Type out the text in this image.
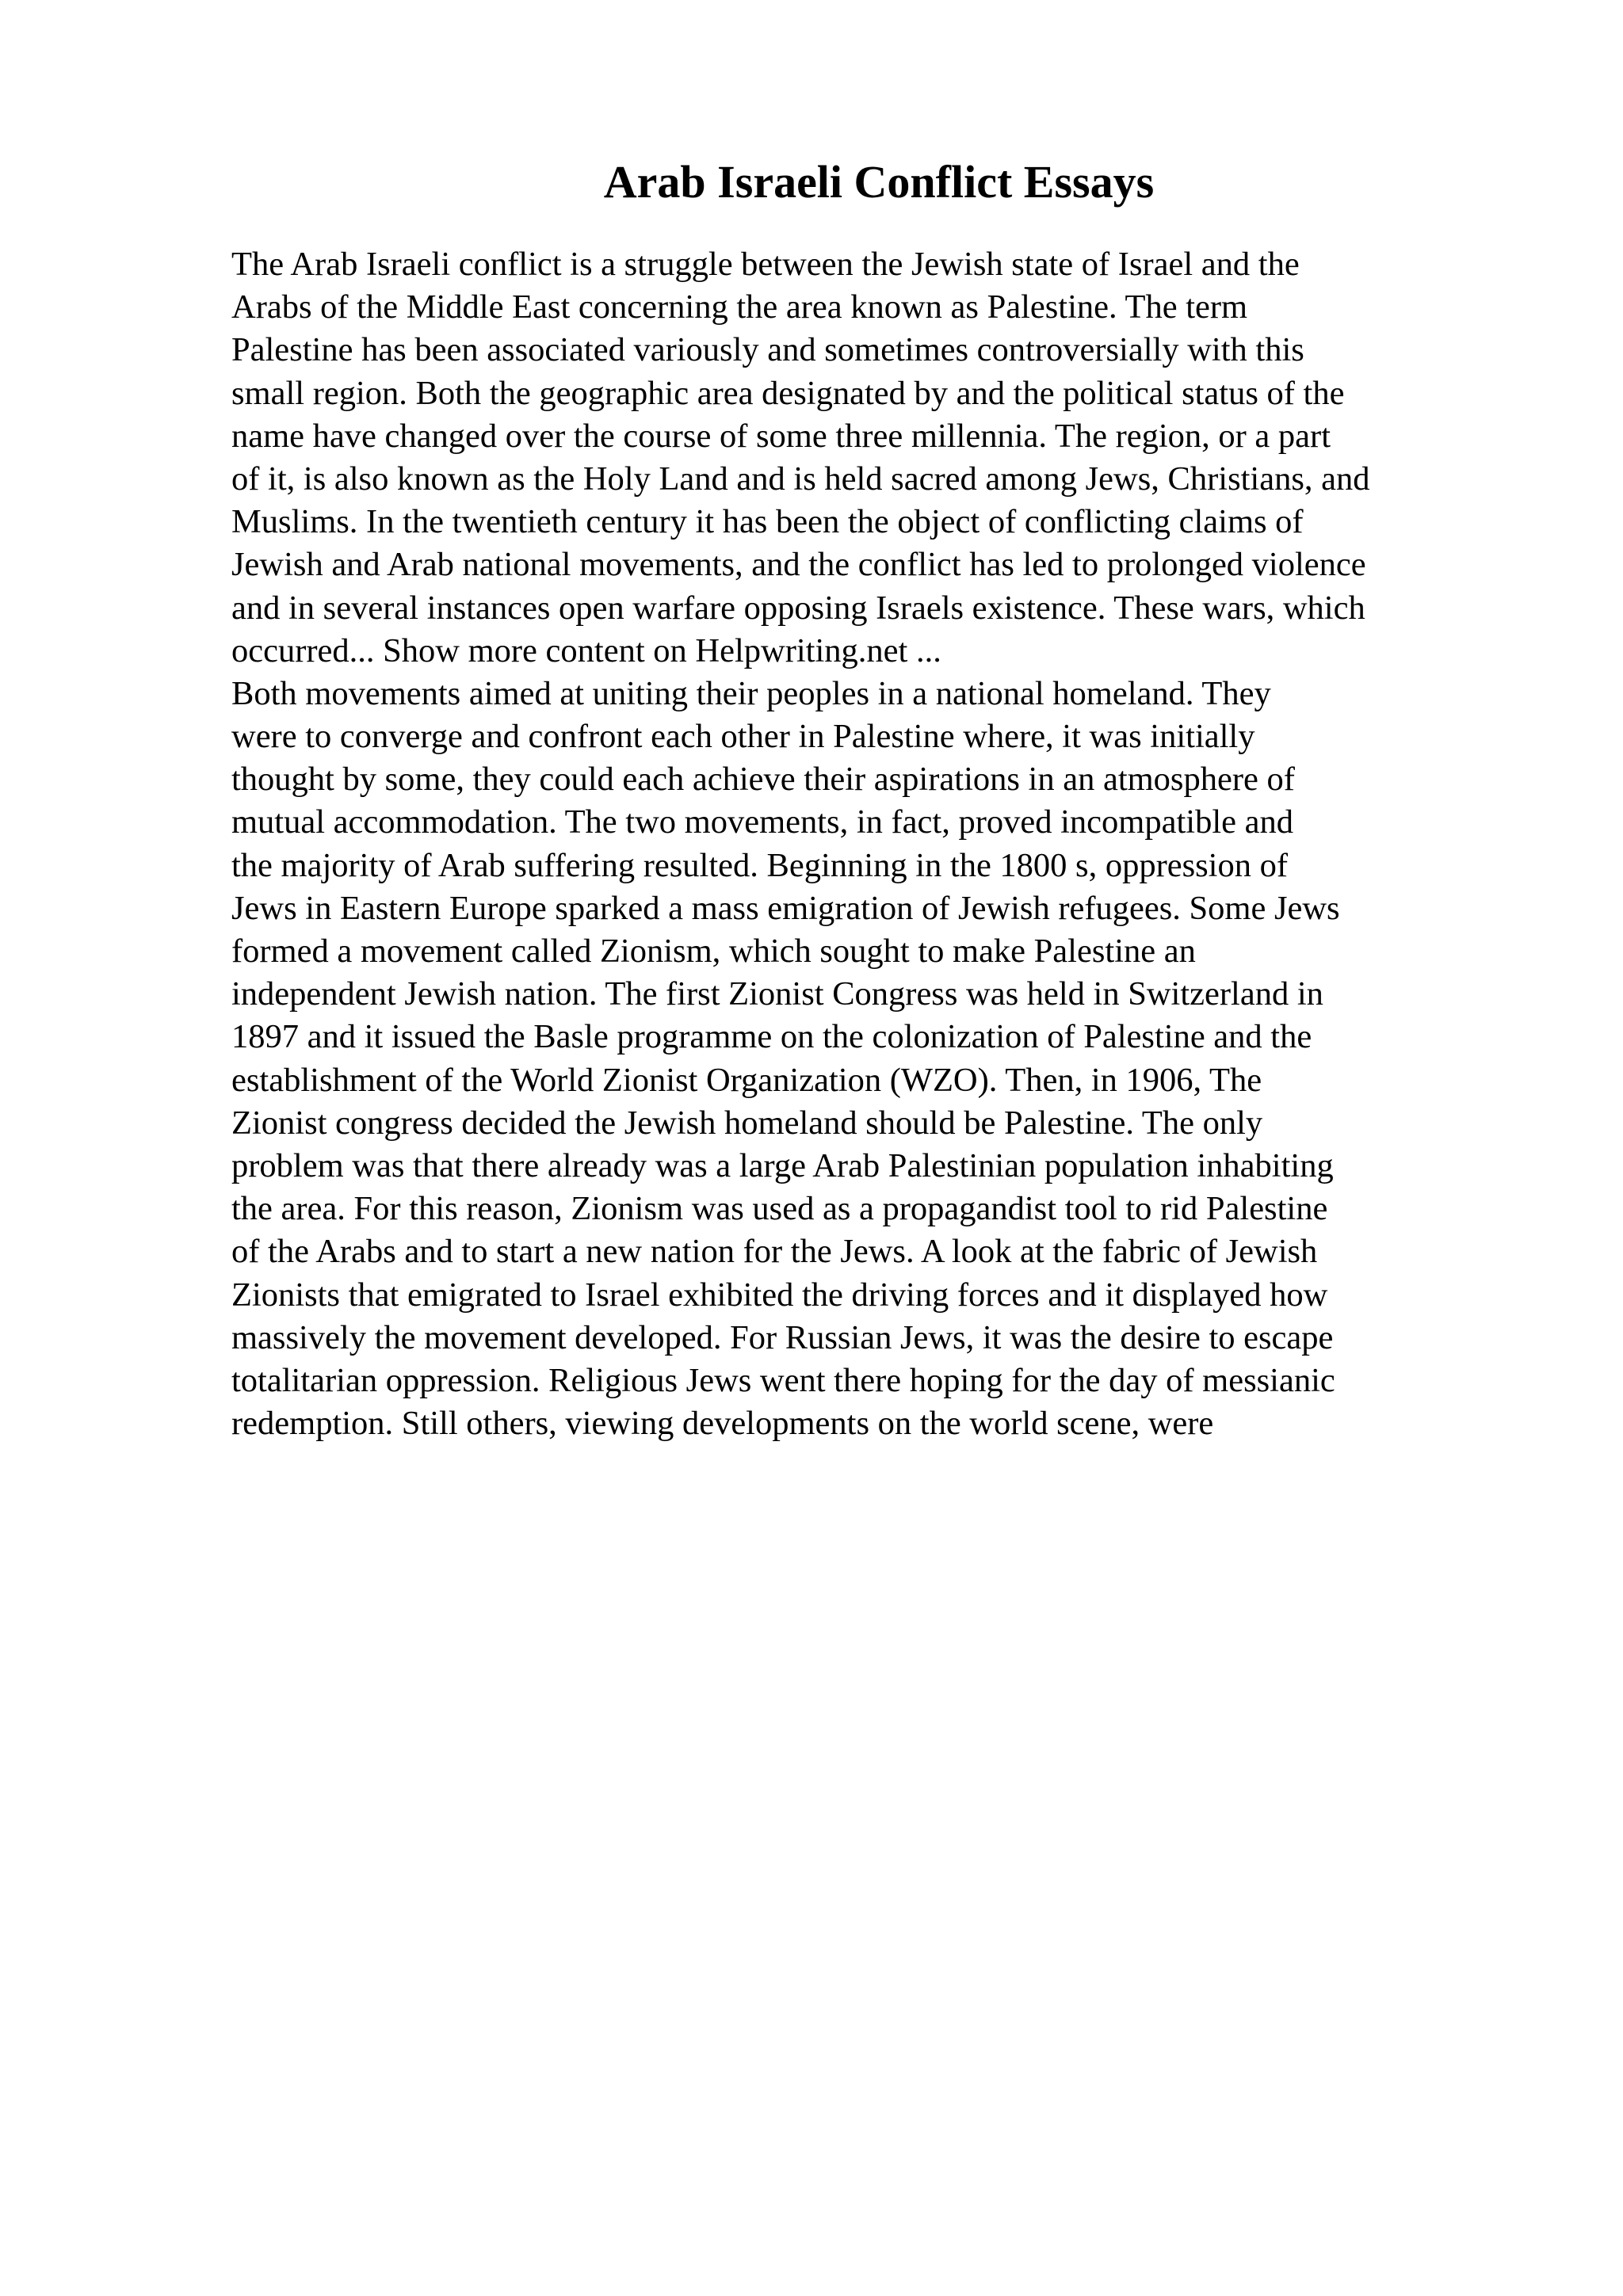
Arab Israeli Conflict Essays
The Arab Israeli conflict is a struggle between the Jewish state of Israel and the
Arabs of the Middle East concerning the area known as Palestine. The term
Palestine has been associated variously and sometimes controversially with this
small region. Both the geographic area designated by and the political status of the
name have changed over the course of some three millennia. The region, or a part
of it, is also known as the Holy Land and is held sacred among Jews, Christians, and
Muslims. In the twentieth century it has been the object of conflicting claims of
Jewish and Arab national movements, and the conflict has led to prolonged violence
and in several instances open warfare opposing Israels existence. These wars, which
occurred... Show more content on Helpwriting.net ...
Both movements aimed at uniting their peoples in a national homeland. They
were to converge and confront each other in Palestine where, it was initially
thought by some, they could each achieve their aspirations in an atmosphere of
mutual accommodation. The two movements, in fact, proved incompatible and
the majority of Arab suffering resulted. Beginning in the 1800 s, oppression of
Jews in Eastern Europe sparked a mass emigration of Jewish refugees. Some Jews
formed a movement called Zionism, which sought to make Palestine an
independent Jewish nation. The first Zionist Congress was held in Switzerland in
1897 and it issued the Basle programme on the colonization of Palestine and the
establishment of the World Zionist Organization (WZO). Then, in 1906, The
Zionist congress decided the Jewish homeland should be Palestine. The only
problem was that there already was a large Arab Palestinian population inhabiting
the area. For this reason, Zionism was used as a propagandist tool to rid Palestine
of the Arabs and to start a new nation for the Jews. A look at the fabric of Jewish
Zionists that emigrated to Israel exhibited the driving forces and it displayed how
massively the movement developed. For Russian Jews, it was the desire to escape
totalitarian oppression. Religious Jews went there hoping for the day of messianic
redemption. Still others, viewing developments on the world scene, were
